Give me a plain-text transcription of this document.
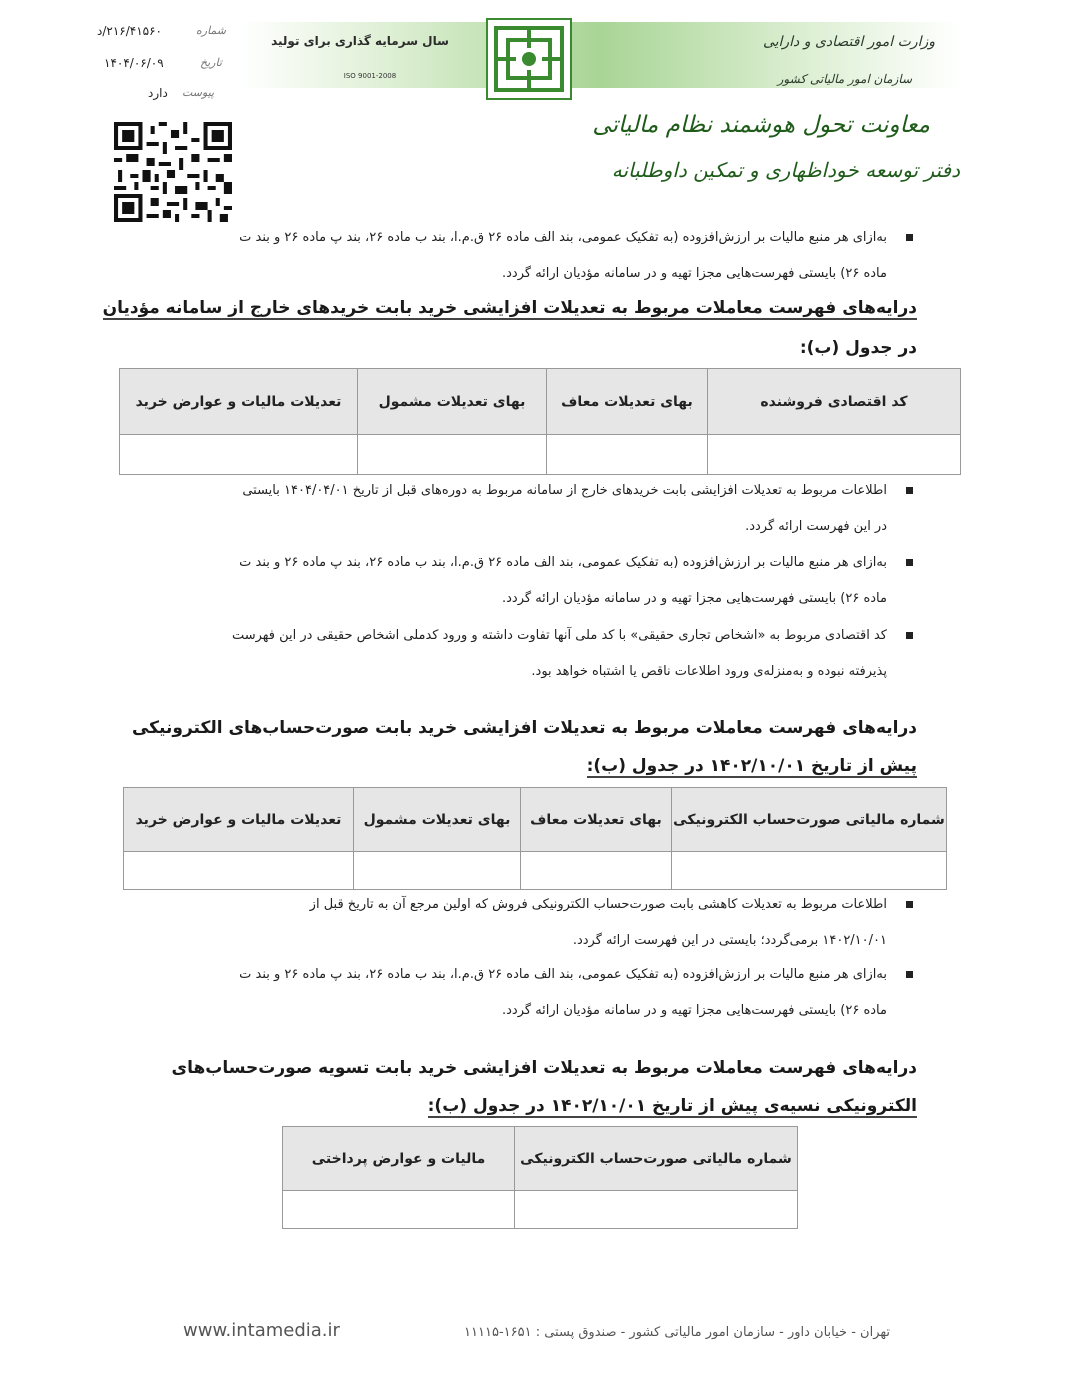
سال سرمایه گذاری برای تولید
ISO 9001-2008
وزارت امور اقتصادی و دارایی
سازمان امور مالیاتی کشور
معاونت تحول هوشمند نظام مالیاتی
دفتر توسعه خوداظهاری و تمکین داوطلبانه
شماره
۲۱۶/۴۱۵۶۰/د
تاریخ
۱۴۰۴/۰۶/۰۹
پیوست
دارد
به‌ازای هر منبع مالیات بر ارزش‌افزوده (به تفکیک عمومی، بند الف ماده ۲۶ ق.م.ا، بند ب ماده ۲۶، بند پ ماده ۲۶ و بند ت
ماده ۲۶) بایستی فهرست‌هایی مجزا تهیه و در سامانه مؤدیان ارائه گردد.
درایه‌های فهرست معاملات مربوط به تعدیلات افزایشی خرید بابت خریدهای خارج از سامانه مؤدیان
در جدول (ب):
کد اقتصادی فروشنده	بهای تعدیلات معاف	بهای تعدیلات مشمول	تعدیلات مالیات و عوارض خرید

اطلاعات مربوط به تعدیلات افزایشی بابت خریدهای خارج از سامانه مربوط به دوره‌های قبل از تاریخ ۱۴۰۴/۰۴/۰۱ بایستی
در این فهرست ارائه گردد.
به‌ازای هر منبع مالیات بر ارزش‌افزوده (به تفکیک عمومی، بند الف ماده ۲۶ ق.م.ا، بند ب ماده ۲۶، بند پ ماده ۲۶ و بند ت
ماده ۲۶) بایستی فهرست‌هایی مجزا تهیه و در سامانه مؤدیان ارائه گردد.
کد اقتصادی مربوط به «اشخاص تجاری حقیقی» با کد ملی آنها تفاوت داشته و ورود کدملی اشخاص حقیقی در این فهرست
پذیرفته نبوده و به‌منزله‌ی ورود اطلاعات ناقص یا اشتباه خواهد بود.
درایه‌های فهرست معاملات مربوط به تعدیلات افزایشی خرید بابت صورت‌حساب‌های الکترونیکی
پیش از تاریخ ۱۴۰۲/۱۰/۰۱ در جدول (ب):
شماره مالیاتی صورت‌حساب الکترونیکی	بهای تعدیلات معاف	بهای تعدیلات مشمول	تعدیلات مالیات و عوارض خرید

اطلاعات مربوط به تعدیلات کاهشی بابت صورت‌حساب الکترونیکی فروش که اولین مرجع آن به تاریخ قبل از
۱۴۰۲/۱۰/۰۱ برمی‌گردد؛ بایستی در این فهرست ارائه گردد.
به‌ازای هر منبع مالیات بر ارزش‌افزوده (به تفکیک عمومی، بند الف ماده ۲۶ ق.م.ا، بند ب ماده ۲۶، بند پ ماده ۲۶ و بند ت
ماده ۲۶) بایستی فهرست‌هایی مجزا تهیه و در سامانه مؤدیان ارائه گردد.
درایه‌های فهرست معاملات مربوط به تعدیلات افزایشی خرید بابت تسویه صورت‌حساب‌های
الکترونیکی نسیه‌ی پیش از تاریخ ۱۴۰۲/۱۰/۰۱ در جدول (ب):
شماره مالیاتی صورت‌حساب الکترونیکی	مالیات و عوارض پرداختی

تهران - خیابان داور - سازمان امور مالیاتی کشور - صندوق پستی : ۱۶۵۱-۱۱۱۱۵
www.intamedia.ir
